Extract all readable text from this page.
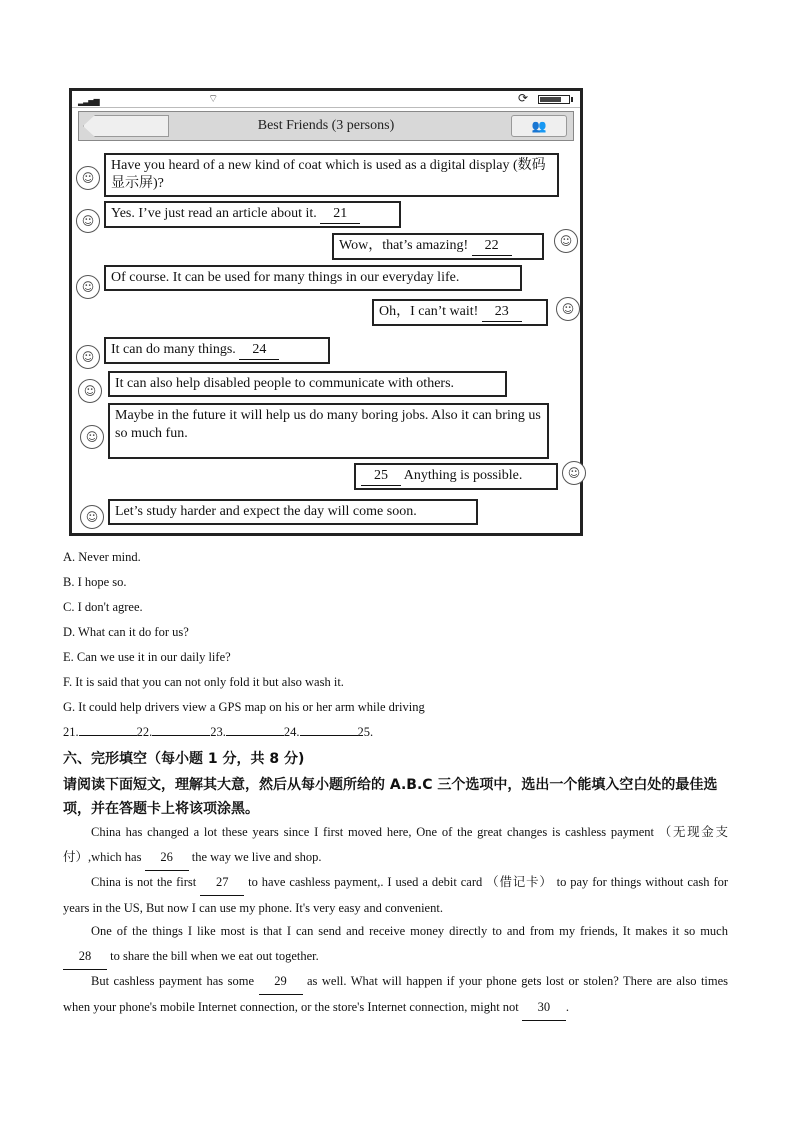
▂▃▅▆	⌔	⟳
Best Friends (3 persons)	👥
☺
Have you heard of a new kind of coat which is used as a digital display (数码显示屏)?
☺	Yes. I’ve just read an article about it. 21
Wow，that’s amazing! 22	☺
☺
Of course. It can be used for many things in our everyday life.
Oh，I can’t wait! 23	☺
☺	It can do many things. 24
☺	It can also help disabled people to communicate with others.
☺
Maybe in the future it will help us do many boring jobs. Also it can bring us so much fun.
25 Anything is possible.	☺
☺	Let’s study harder and expect the day will come soon.
A. Never mind.
B. I hope so.
C. I don't agree.
D. What can it do for us?
E. Can we use it in our daily life?
F. It is said that you can not only fold it but also wash it.
G. It could help drivers view a GPS map on his or her arm while driving
21.	22.	23.	24.	25.
六、完形填空（每小题 1 分，共 8 分)
请阅读下面短文，理解其大意，然后从每小题所给的 A.B.C 三个选项中，选出一个能填入空白处的最佳选项，并在答题卡上将该项涂黑。
China has changed a lot these years since I first moved here, One of the great changes is cashless payment （无现金支付）,which has 26 the way we live and shop.
China is not the first 27 to have cashless payment,. I used a debit card （借记卡） to pay for things without cash for years in the US, But now I can use my phone. It's very easy and convenient.
One of the things I like most is that I can send and receive money directly to and from my friends, It makes it so much 28 to share the bill when we eat out together.
But cashless payment has some 29 as well. What will happen if your phone gets lost or stolen? There are also times when your phone's mobile Internet connection, or the store's Internet connection, might not 30 .
